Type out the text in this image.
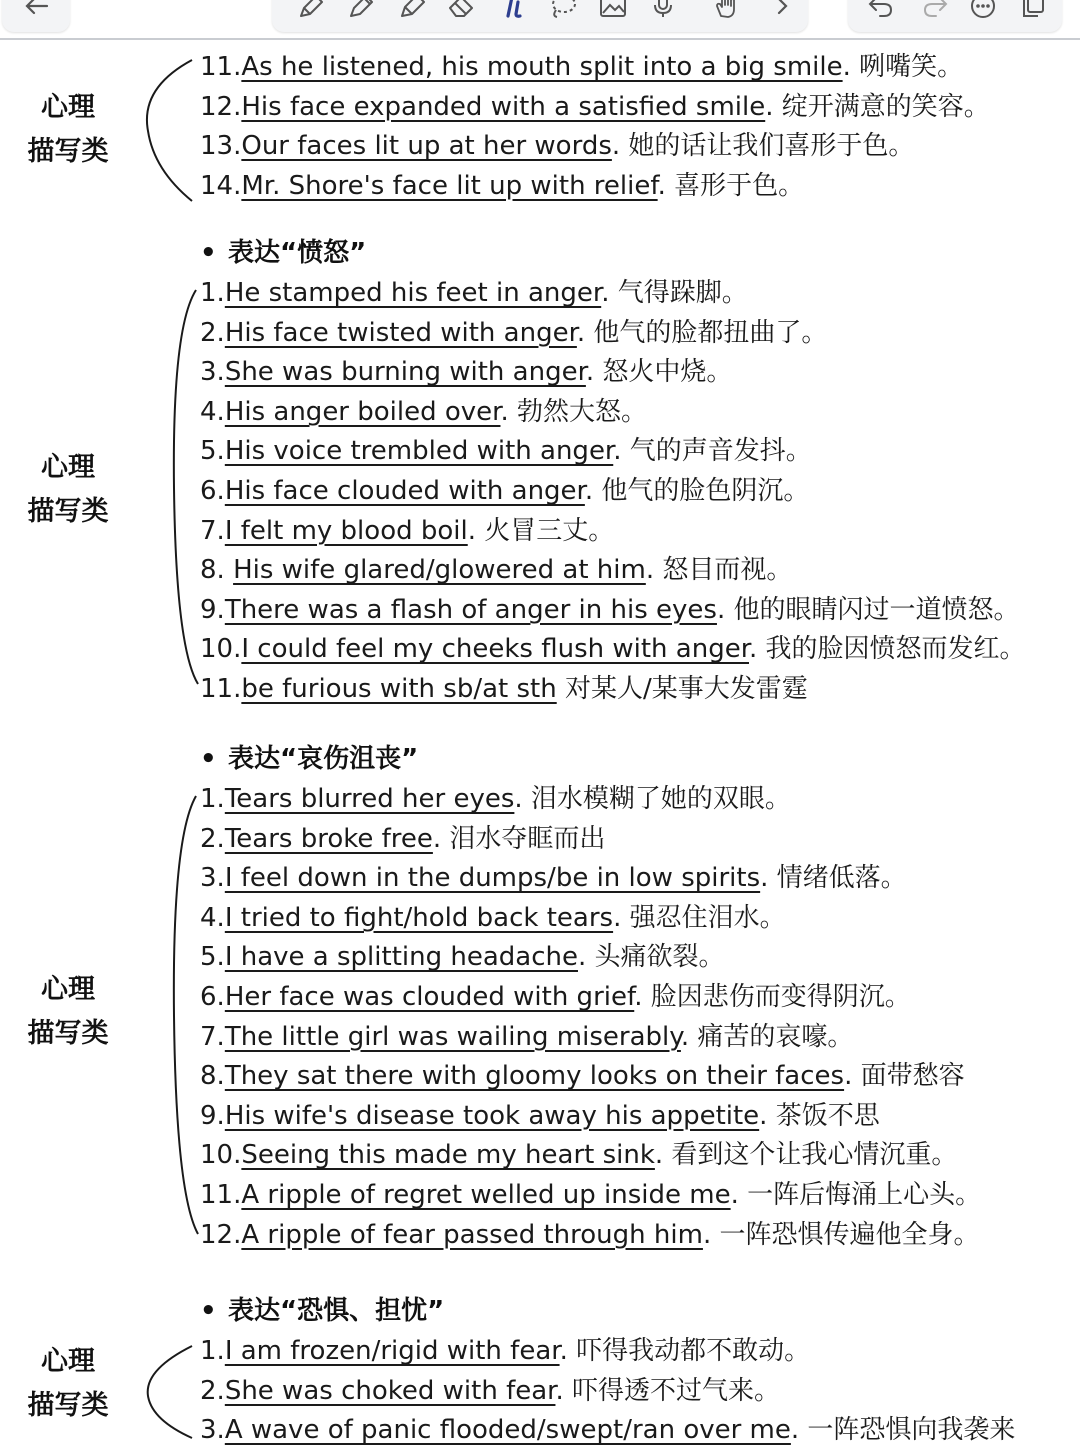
心理
描写类
11.As he listened, his mouth split into a big smile. 咧嘴笑。
12.His face expanded with a satisfied smile. 绽开满意的笑容。
13.Our faces lit up at her words. 她的话让我们喜形于色。
14.Mr. Shore's face lit up with relief. 喜形于色。
• 表达“愤怒”
心理
描写类
1.He stamped his feet in anger. 气得跺脚。
2.His face twisted with anger. 他气的脸都扭曲了。
3.She was burning with anger. 怒火中烧。
4.His anger boiled over. 勃然大怒。
5.His voice trembled with anger. 气的声音发抖。
6.His face clouded with anger. 他气的脸色阴沉。
7.I felt my blood boil. 火冒三丈。
8. His wife glared/glowered at him. 怒目而视。
9.There was a flash of anger in his eyes. 他的眼睛闪过一道愤怒。
10.I could feel my cheeks flush with anger. 我的脸因愤怒而发红。
11.be furious with sb/at sth 对某人/某事大发雷霆
• 表达“哀伤沮丧”
心理
描写类
1.Tears blurred her eyes. 泪水模糊了她的双眼。
2.Tears broke free. 泪水夺眶而出
3.I feel down in the dumps/be in low spirits. 情绪低落。
4.I tried to fight/hold back tears. 强忍住泪水。
5.I have a splitting headache. 头痛欲裂。
6.Her face was clouded with grief. 脸因悲伤而变得阴沉。
7.The little girl was wailing miserably. 痛苦的哀嚎。
8.They sat there with gloomy looks on their faces. 面带愁容
9.His wife's disease took away his appetite. 茶饭不思
10.Seeing this made my heart sink. 看到这个让我心情沉重。
11.A ripple of regret welled up inside me. 一阵后悔涌上心头。
12.A ripple of fear passed through him. 一阵恐惧传遍他全身。
• 表达“恐惧、担忧”
心理
描写类
1.I am frozen/rigid with fear. 吓得我动都不敢动。
2.She was choked with fear. 吓得透不过气来。
3.A wave of panic flooded/swept/ran over me. 一阵恐惧向我袭来
